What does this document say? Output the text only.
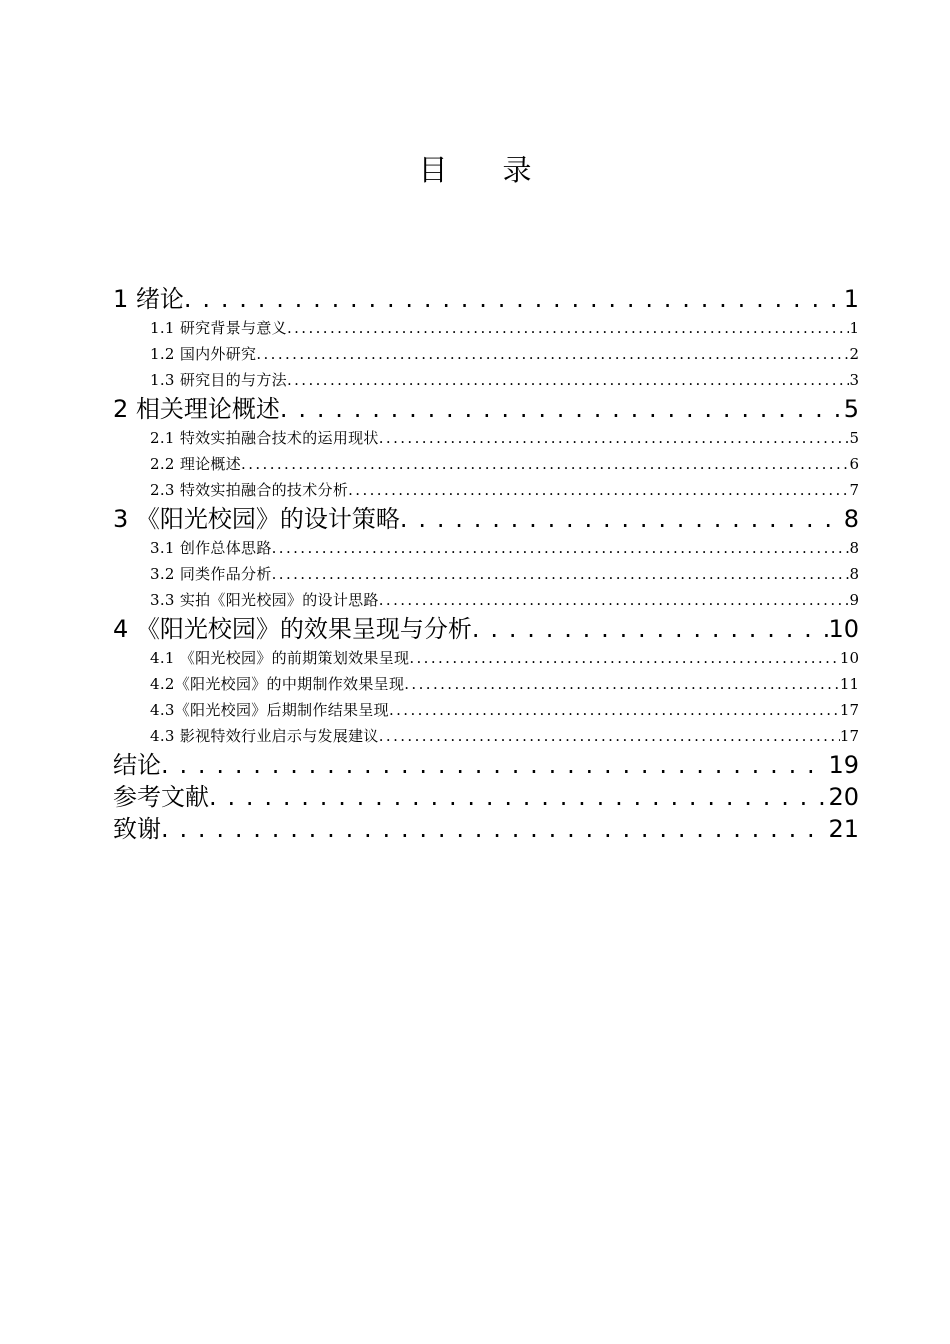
目录
1 绪论 . . .	1
1.1 研究背景与意义 .....	1
1.2 国内外研究 .....	2
1.3 研究目的与方法 .....	3
2 相关理论概述 . . .	5
2.1 特效实拍融合技术的运用现状 .....	5
2.2 理论概述 .....	6
2.3 特效实拍融合的技术分析 .....	7
3 《阳光校园》的设计策略 . . .	8
3.1 创作总体思路 .....	8
3.2 同类作品分析 .....	8
3.3 实拍《阳光校园》的设计思路 .....	9
4 《阳光校园》的效果呈现与分析 . . .	10
4.1 《阳光校园》的前期策划效果呈现 .....	10
4.2《阳光校园》的中期制作效果呈现 .....	11
4.3《阳光校园》后期制作结果呈现 .....	17
4.3 影视特效行业启示与发展建议 .....	17
结论 . . .	19
参考文献 . . .	20
致谢 . . .	21
